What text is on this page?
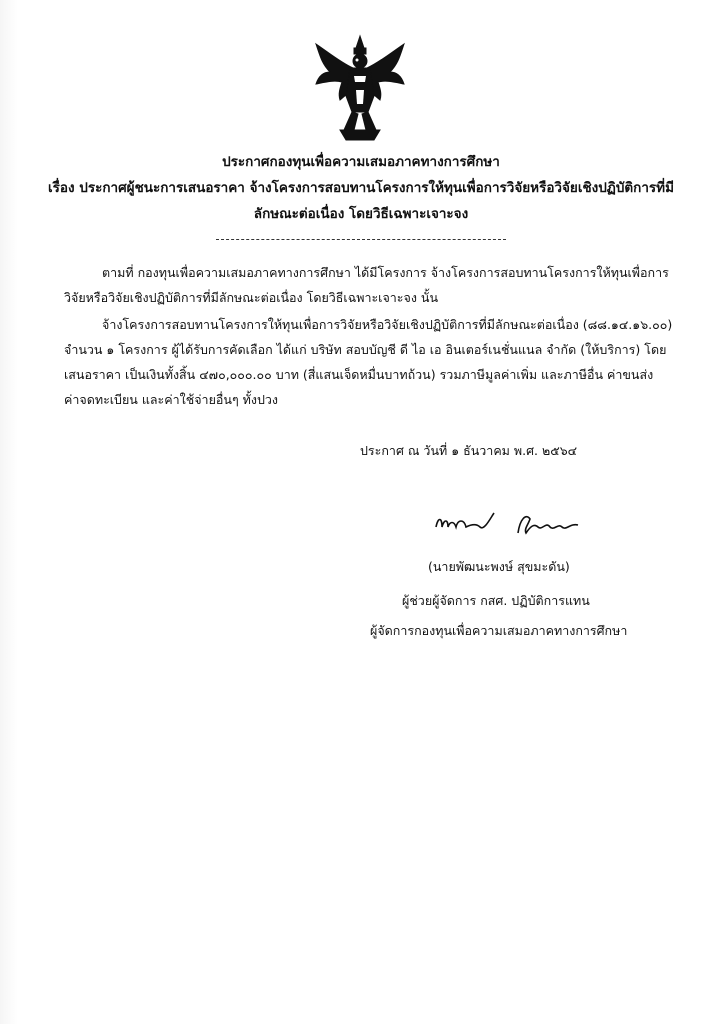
ประกาศกองทุนเพื่อความเสมอภาคทางการศึกษา
เรื่อง ประกาศผู้ชนะการเสนอราคา จ้างโครงการสอบทานโครงการให้ทุนเพื่อการวิจัยหรือวิจัยเชิงปฏิบัติการที่มี
ลักษณะต่อเนื่อง โดยวิธีเฉพาะเจาะจง
ตามที่ กองทุนเพื่อความเสมอภาคทางการศึกษา ได้มีโครงการ จ้างโครงการสอบทานโครงการให้ทุนเพื่อการ
วิจัยหรือวิจัยเชิงปฏิบัติการที่มีลักษณะต่อเนื่อง โดยวิธีเฉพาะเจาะจง นั้น
จ้างโครงการสอบทานโครงการให้ทุนเพื่อการวิจัยหรือวิจัยเชิงปฏิบัติการที่มีลักษณะต่อเนื่อง (๘๘.๑๔.๑๖.๐๐)
จำนวน ๑ โครงการ ผู้ได้รับการคัดเลือก ได้แก่ บริษัท สอบบัญชี ดี ไอ เอ อินเตอร์เนชั่นแนล จำกัด (ให้บริการ) โดย
เสนอราคา เป็นเงินทั้งสิ้น ๔๗๐,๐๐๐.๐๐ บาท (สี่แสนเจ็ดหมื่นบาทถ้วน) รวมภาษีมูลค่าเพิ่ม และภาษีอื่น ค่าขนส่ง
ค่าจดทะเบียน และค่าใช้จ่ายอื่นๆ ทั้งปวง
ประกาศ ณ วันที่ ๑ ธันวาคม พ.ศ. ๒๕๖๔
(นายพัฒนะพงษ์ สุขมะดัน)
ผู้ช่วยผู้จัดการ กสศ. ปฏิบัติการแทน
ผู้จัดการกองทุนเพื่อความเสมอภาคทางการศึกษา
